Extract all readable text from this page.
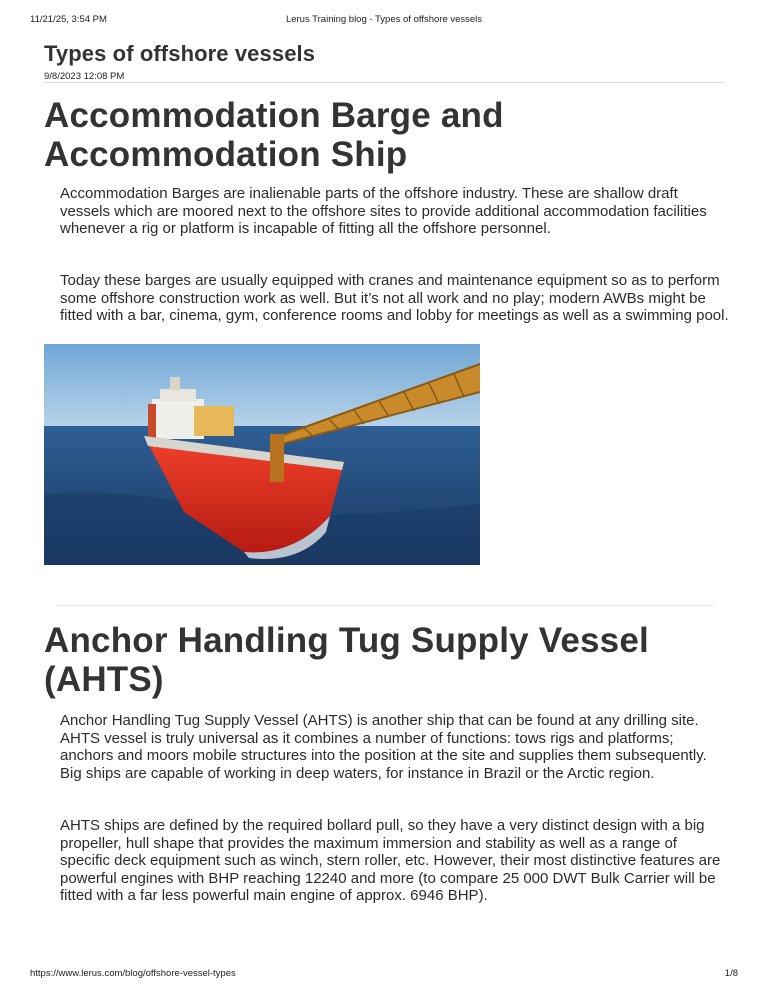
11/21/25, 3:54 PM	Lerus Training blog - Types of offshore vessels
Types of offshore vessels
9/8/2023 12:08 PM
Accommodation Barge and Accommodation Ship

Accommodation Barges are inalienable parts of the offshore industry. These are shallow draft vessels which are moored next to the offshore sites to provide additional accommodation facilities whenever a rig or platform is incapable of fitting all the offshore personnel.

Today these barges are usually equipped with cranes and maintenance equipment so as to perform some offshore construction work as well. But it’s not all work and no play; modern AWBs might be fitted with a bar, cinema, gym, conference rooms and lobby for meetings as well as a swimming pool.

Anchor Handling Tug Supply Vessel (AHTS)

Anchor Handling Tug Supply Vessel (AHTS) is another ship that can be found at any drilling site. AHTS vessel is truly universal as it combines a number of functions: tows rigs and platforms; anchors and moors mobile structures into the position at the site and supplies them subsequently. Big ships are capable of working in deep waters, for instance in Brazil or the Arctic region.

AHTS ships are defined by the required bollard pull, so they have a very distinct design with a big propeller, hull shape that provides the maximum immersion and stability as well as a range of specific deck equipment such as winch, stern roller, etc. However, their most distinctive features are powerful engines with BHP reaching 12240 and more (to compare 25 000 DWT Bulk Carrier will be fitted with a far less powerful main engine of approx. 6946 BHP).

https://www.lerus.com/blog/offshore-vessel-types	1/8
